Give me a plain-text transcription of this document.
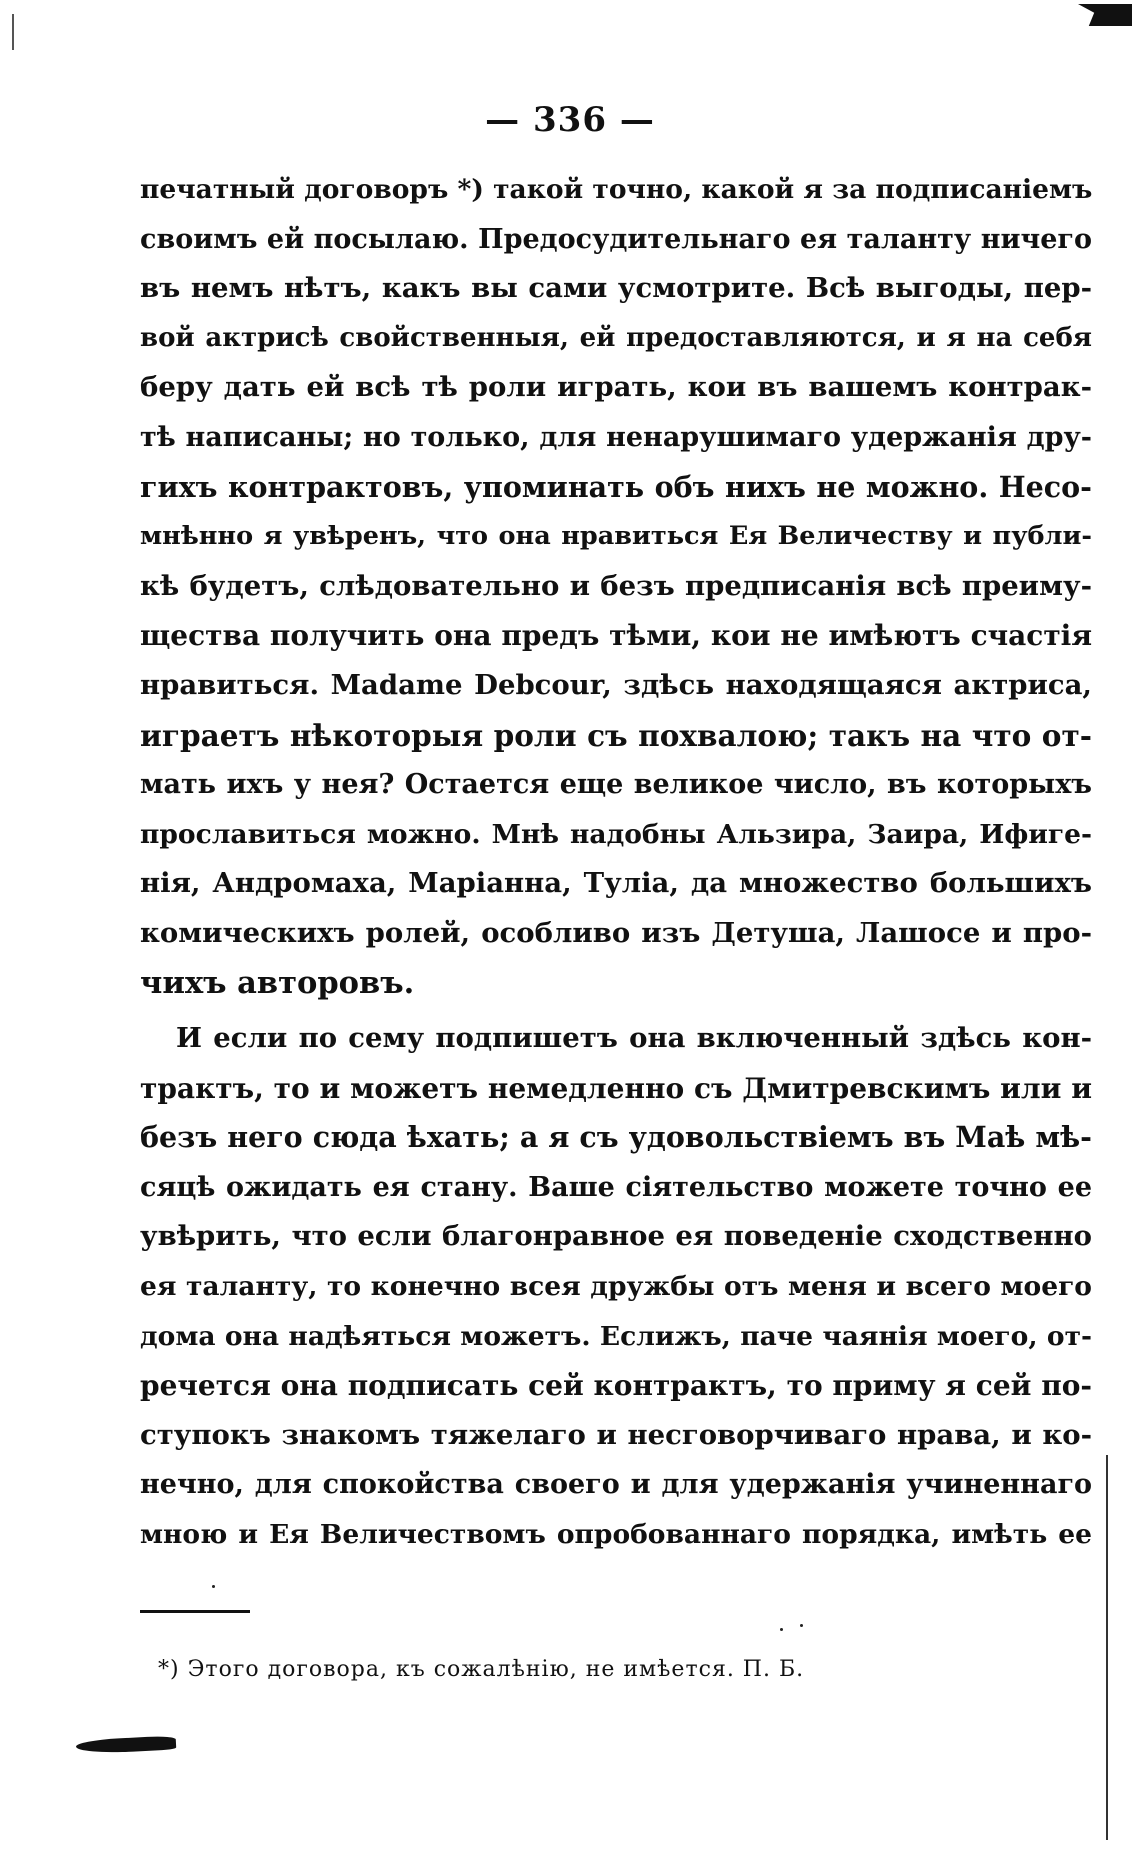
— 336 —
печатный договоръ *) такой точно, какой я за подписаніемъ
своимъ ей посылаю. Предосудительнаго ея таланту ничего
въ немъ нѣтъ, какъ вы сами усмотрите. Всѣ выгоды, пер-
вой актрисѣ свойственныя, ей предоставляются, и я на себя
беру дать ей всѣ тѣ роли играть, кои въ вашемъ контрак-
тѣ написаны; но только, для ненарушимаго удержанія дру-
гихъ контрактовъ, упоминать объ нихъ не можно. Несо-
мнѣнно я увѣренъ, что она нравиться Ея Величеству и публи-
кѣ будетъ, слѣдовательно и безъ предписанія всѣ преиму-
щества получить она предъ тѣми, кои не имѣютъ счастія
нравиться. Madame Debcour, здѣсь находящаяся актриса,
играетъ нѣкоторыя роли съ похвалою; такъ на что от-
мать ихъ у нея? Остается еще великое число, въ которыхъ
прославиться можно. Мнѣ надобны Альзира, Заира, Ифиге-
нія, Андромаха, Маріанна, Туліа, да множество большихъ
комическихъ ролей, особливо изъ Детуша, Лашосе и про-
чихъ авторовъ.
И если по сему подпишетъ она включенный здѣсь кон-
трактъ, то и можетъ немедленно съ Дмитревскимъ или и
безъ него сюда ѣхать; а я съ удовольствіемъ въ Маѣ мѣ-
сяцѣ ожидать ея стану. Ваше сіятельство можете точно ее
увѣрить, что если благонравное ея поведеніе сходственно
ея таланту, то конечно всея дружбы отъ меня и всего моего
дома она надѣяться можетъ. Еслижъ, паче чаянія моего, от-
речется она подписать сей контрактъ, то приму я сей по-
ступокъ знакомъ тяжелаго и несговорчиваго нрава, и ко-
нечно, для спокойства своего и для удержанія учиненнаго
мною и Ея Величествомъ опробованнаго порядка, имѣть ее
*) Этого договора, къ сожалѣнію, не имѣется. П. Б.
